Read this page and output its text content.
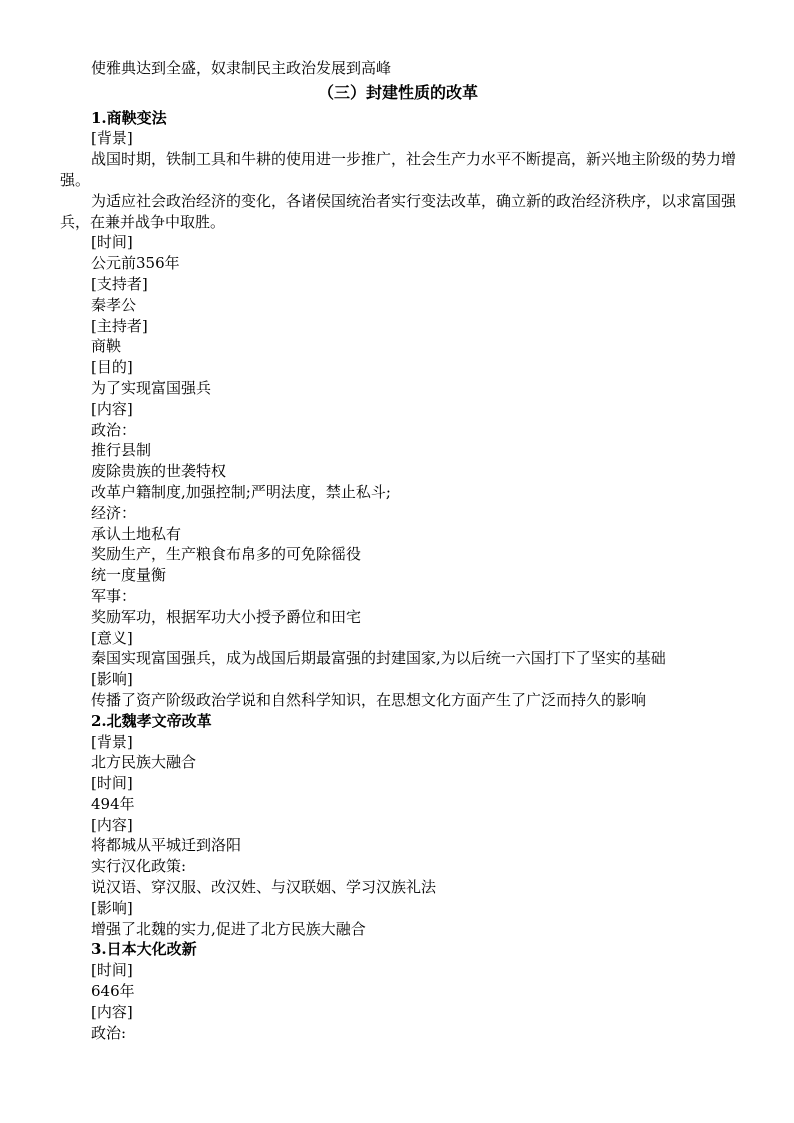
使雅典达到全盛，奴隶制民主政治发展到高峰

（三）封建性质的改革

1.商鞅变法

[背景]

战国时期，铁制工具和牛耕的使用进一步推广，社会生产力水平不断提高，新兴地主阶级的势力增强。

为适应社会政治经济的变化，各诸侯国统治者实行变法改革，确立新的政治经济秩序，以求富国强兵，在兼并战争中取胜。

[时间]

公元前356年

[支持者]

秦孝公

[主持者]

商鞅

[目的]

为了实现富国强兵

[内容]

政治：

推行县制

废除贵族的世袭特权

改革户籍制度,加强控制;严明法度，禁止私斗;

经济：

承认土地私有

奖励生产，生产粮食布帛多的可免除徭役

统一度量衡

军事：

奖励军功，根据军功大小授予爵位和田宅

[意义]

秦国实现富国强兵，成为战国后期最富强的封建国家,为以后统一六国打下了坚实的基础

[影响]

传播了资产阶级政治学说和自然科学知识，在思想文化方面产生了广泛而持久的影响

2.北魏孝文帝改革

[背景]

北方民族大融合

[时间]

494年

[内容]

将都城从平城迁到洛阳

实行汉化政策:

说汉语、穿汉服、改汉姓、与汉联姻、学习汉族礼法

[影响]

增强了北魏的实力,促进了北方民族大融合

3.日本大化改新

[时间]

646年

[内容]

政治:
